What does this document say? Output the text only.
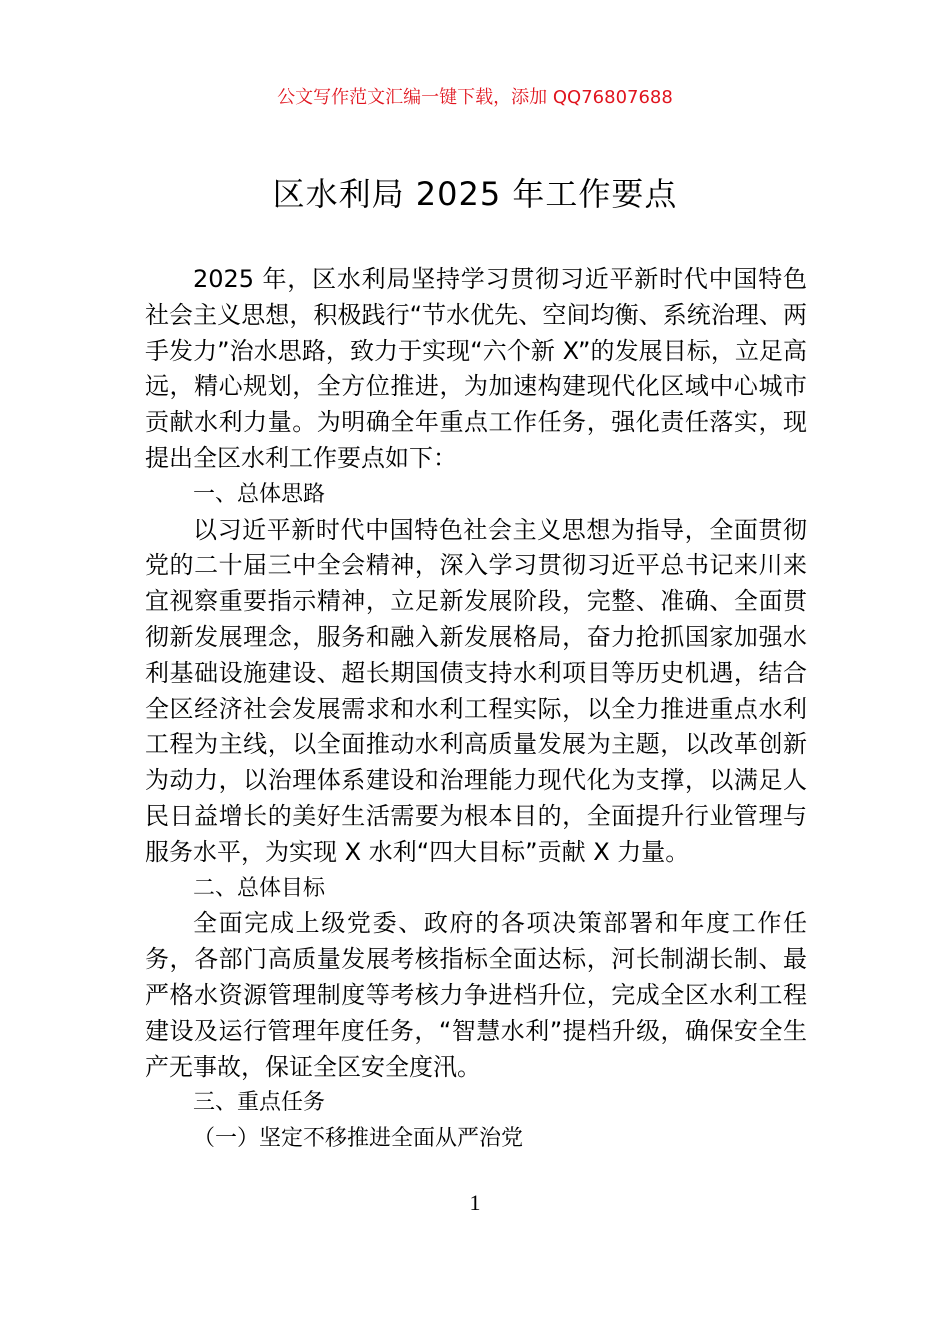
公文写作范文汇编一键下载，添加 QQ76807688
区水利局 2025 年工作要点

2025 年，区水利局坚持学习贯彻习近平新时代中国特色社会主义思想，积极践行“节水优先、空间均衡、系统治理、两手发力”治水思路，致力于实现“六个新 X”的发展目标，立足高远，精心规划，全方位推进，为加速构建现代化区域中心城市贡献水利力量。为明确全年重点工作任务，强化责任落实，现提出全区水利工作要点如下：

一、总体思路

以习近平新时代中国特色社会主义思想为指导，全面贯彻党的二十届三中全会精神，深入学习贯彻习近平总书记来川来宜视察重要指示精神，立足新发展阶段，完整、准确、全面贯彻新发展理念，服务和融入新发展格局，奋力抢抓国家加强水利基础设施建设、超长期国债支持水利项目等历史机遇，结合全区经济社会发展需求和水利工程实际，以全力推进重点水利工程为主线，以全面推动水利高质量发展为主题，以改革创新为动力，以治理体系建设和治理能力现代化为支撑，以满足人民日益增长的美好生活需要为根本目的，全面提升行业管理与服务水平，为实现 X 水利“四大目标”贡献 X 力量。

二、总体目标

全面完成上级党委、政府的各项决策部署和年度工作任务，各部门高质量发展考核指标全面达标，河长制湖长制、最严格水资源管理制度等考核力争进档升位，完成全区水利工程建设及运行管理年度任务，“智慧水利”提档升级，确保安全生产无事故，保证全区安全度汛。

三、重点任务

（一）坚定不移推进全面从严治党

1
